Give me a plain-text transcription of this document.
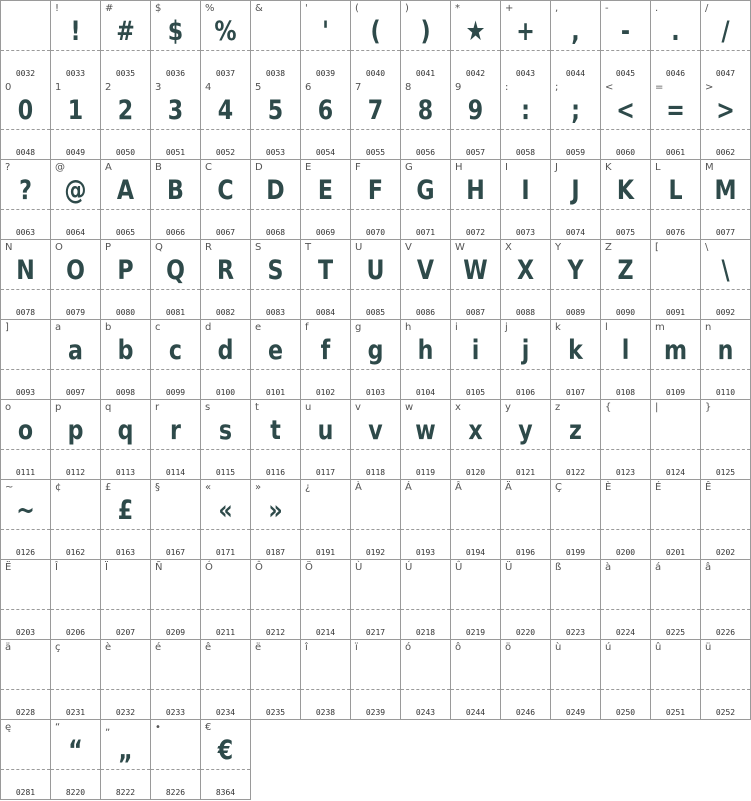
0032
!
!
0033
#
#
0035
$
$
0036
%
%
0037
&
0038
'
'
0039
(
(
0040
)
)
0041
*
★
0042
+
+
0043
,
,
0044
-
-
0045
.
.
0046
/
/
0047
0
0
0048
1
1
0049
2
2
0050
3
3
0051
4
4
0052
5
5
0053
6
6
0054
7
7
0055
8
8
0056
9
9
0057
:
:
0058
;
;
0059
<
<
0060
=
=
0061
>
>
0062
?
?
0063
@
@
0064
A
A
0065
B
B
0066
C
C
0067
D
D
0068
E
E
0069
F
F
0070
G
G
0071
H
H
0072
I
I
0073
J
J
0074
K
K
0075
L
L
0076
M
M
0077
N
N
0078
O
O
0079
P
P
0080
Q
Q
0081
R
R
0082
S
S
0083
T
T
0084
U
U
0085
V
V
0086
W
W
0087
X
X
0088
Y
Y
0089
Z
Z
0090
[
0091
\
\
0092
]
0093
a
a
0097
b
b
0098
c
c
0099
d
d
0100
e
e
0101
f
f
0102
g
g
0103
h
h
0104
i
i
0105
j
j
0106
k
k
0107
l
l
0108
m
m
0109
n
n
0110
o
o
0111
p
p
0112
q
q
0113
r
r
0114
s
s
0115
t
t
0116
u
u
0117
v
v
0118
w
w
0119
x
x
0120
y
y
0121
z
z
0122
{
0123
|
0124
}
0125
~
~
0126
¢
0162
£
£
0163
§
0167
«
«
0171
»
»
0187
¿
0191
À
0192
Á
0193
Â
0194
Ä
0196
Ç
0199
È
0200
É
0201
Ê
0202
Ë
0203
Î
0206
Ï
0207
Ñ
0209
Ó
0211
Ô
0212
Ö
0214
Ù
0217
Ú
0218
Û
0219
Ü
0220
ß
0223
à
0224
á
0225
â
0226
ä
0228
ç
0231
è
0232
é
0233
ê
0234
ë
0235
î
0238
ï
0239
ó
0243
ô
0244
ö
0246
ù
0249
ú
0250
û
0251
ü
0252
ę
0281
“
“
8220
„
„
8222
•
8226
€
€
8364
